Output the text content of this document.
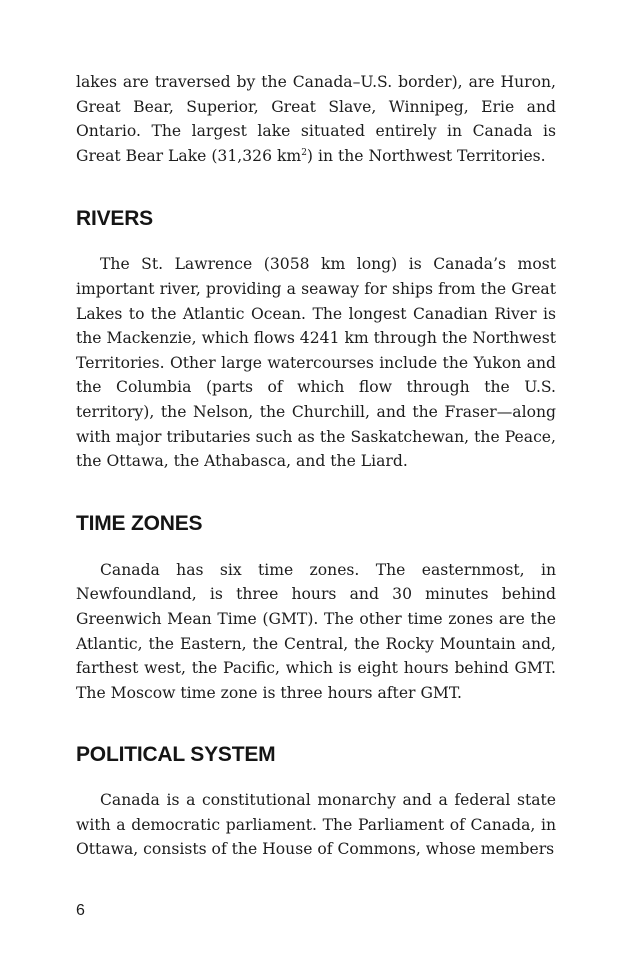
lakes are traversed by the Canada–U.S. border), are Huron, Great Bear, Superior, Great Slave, Winnipeg, Erie and Ontario. The largest lake situated entirely in Canada is Great Bear Lake (31,326 $km^2$) in the Northwest Territories.

RIVERS

The St. Lawrence (3058 km long) is Canada’s most important river, providing a seaway for ships from the Great Lakes to the Atlantic Ocean. The longest Canadian River is the Mackenzie, which flows 4241 km through the Northwest Territories. Other large watercourses include the Yukon and the Columbia (parts of which flow through the U.S. territory), the Nelson, the Churchill, and the Fraser—along with major tributaries such as the Saskatchewan, the Peace, the Ottawa, the Athabasca, and the Liard.

TIME ZONES

Canada has six time zones. The easternmost, in Newfoundland, is three hours and 30 minutes behind Greenwich Mean Time (GMT). The other time zones are the Atlantic, the Eastern, the Central, the Rocky Mountain and, farthest west, the Pacific, which is eight hours behind GMT. The Moscow time zone is three hours after GMT.

POLITICAL SYSTEM

Canada is a constitutional monarchy and a federal state with a democratic parliament. The Parliament of Canada, in Ottawa, consists of the House of Commons, whose members

6
